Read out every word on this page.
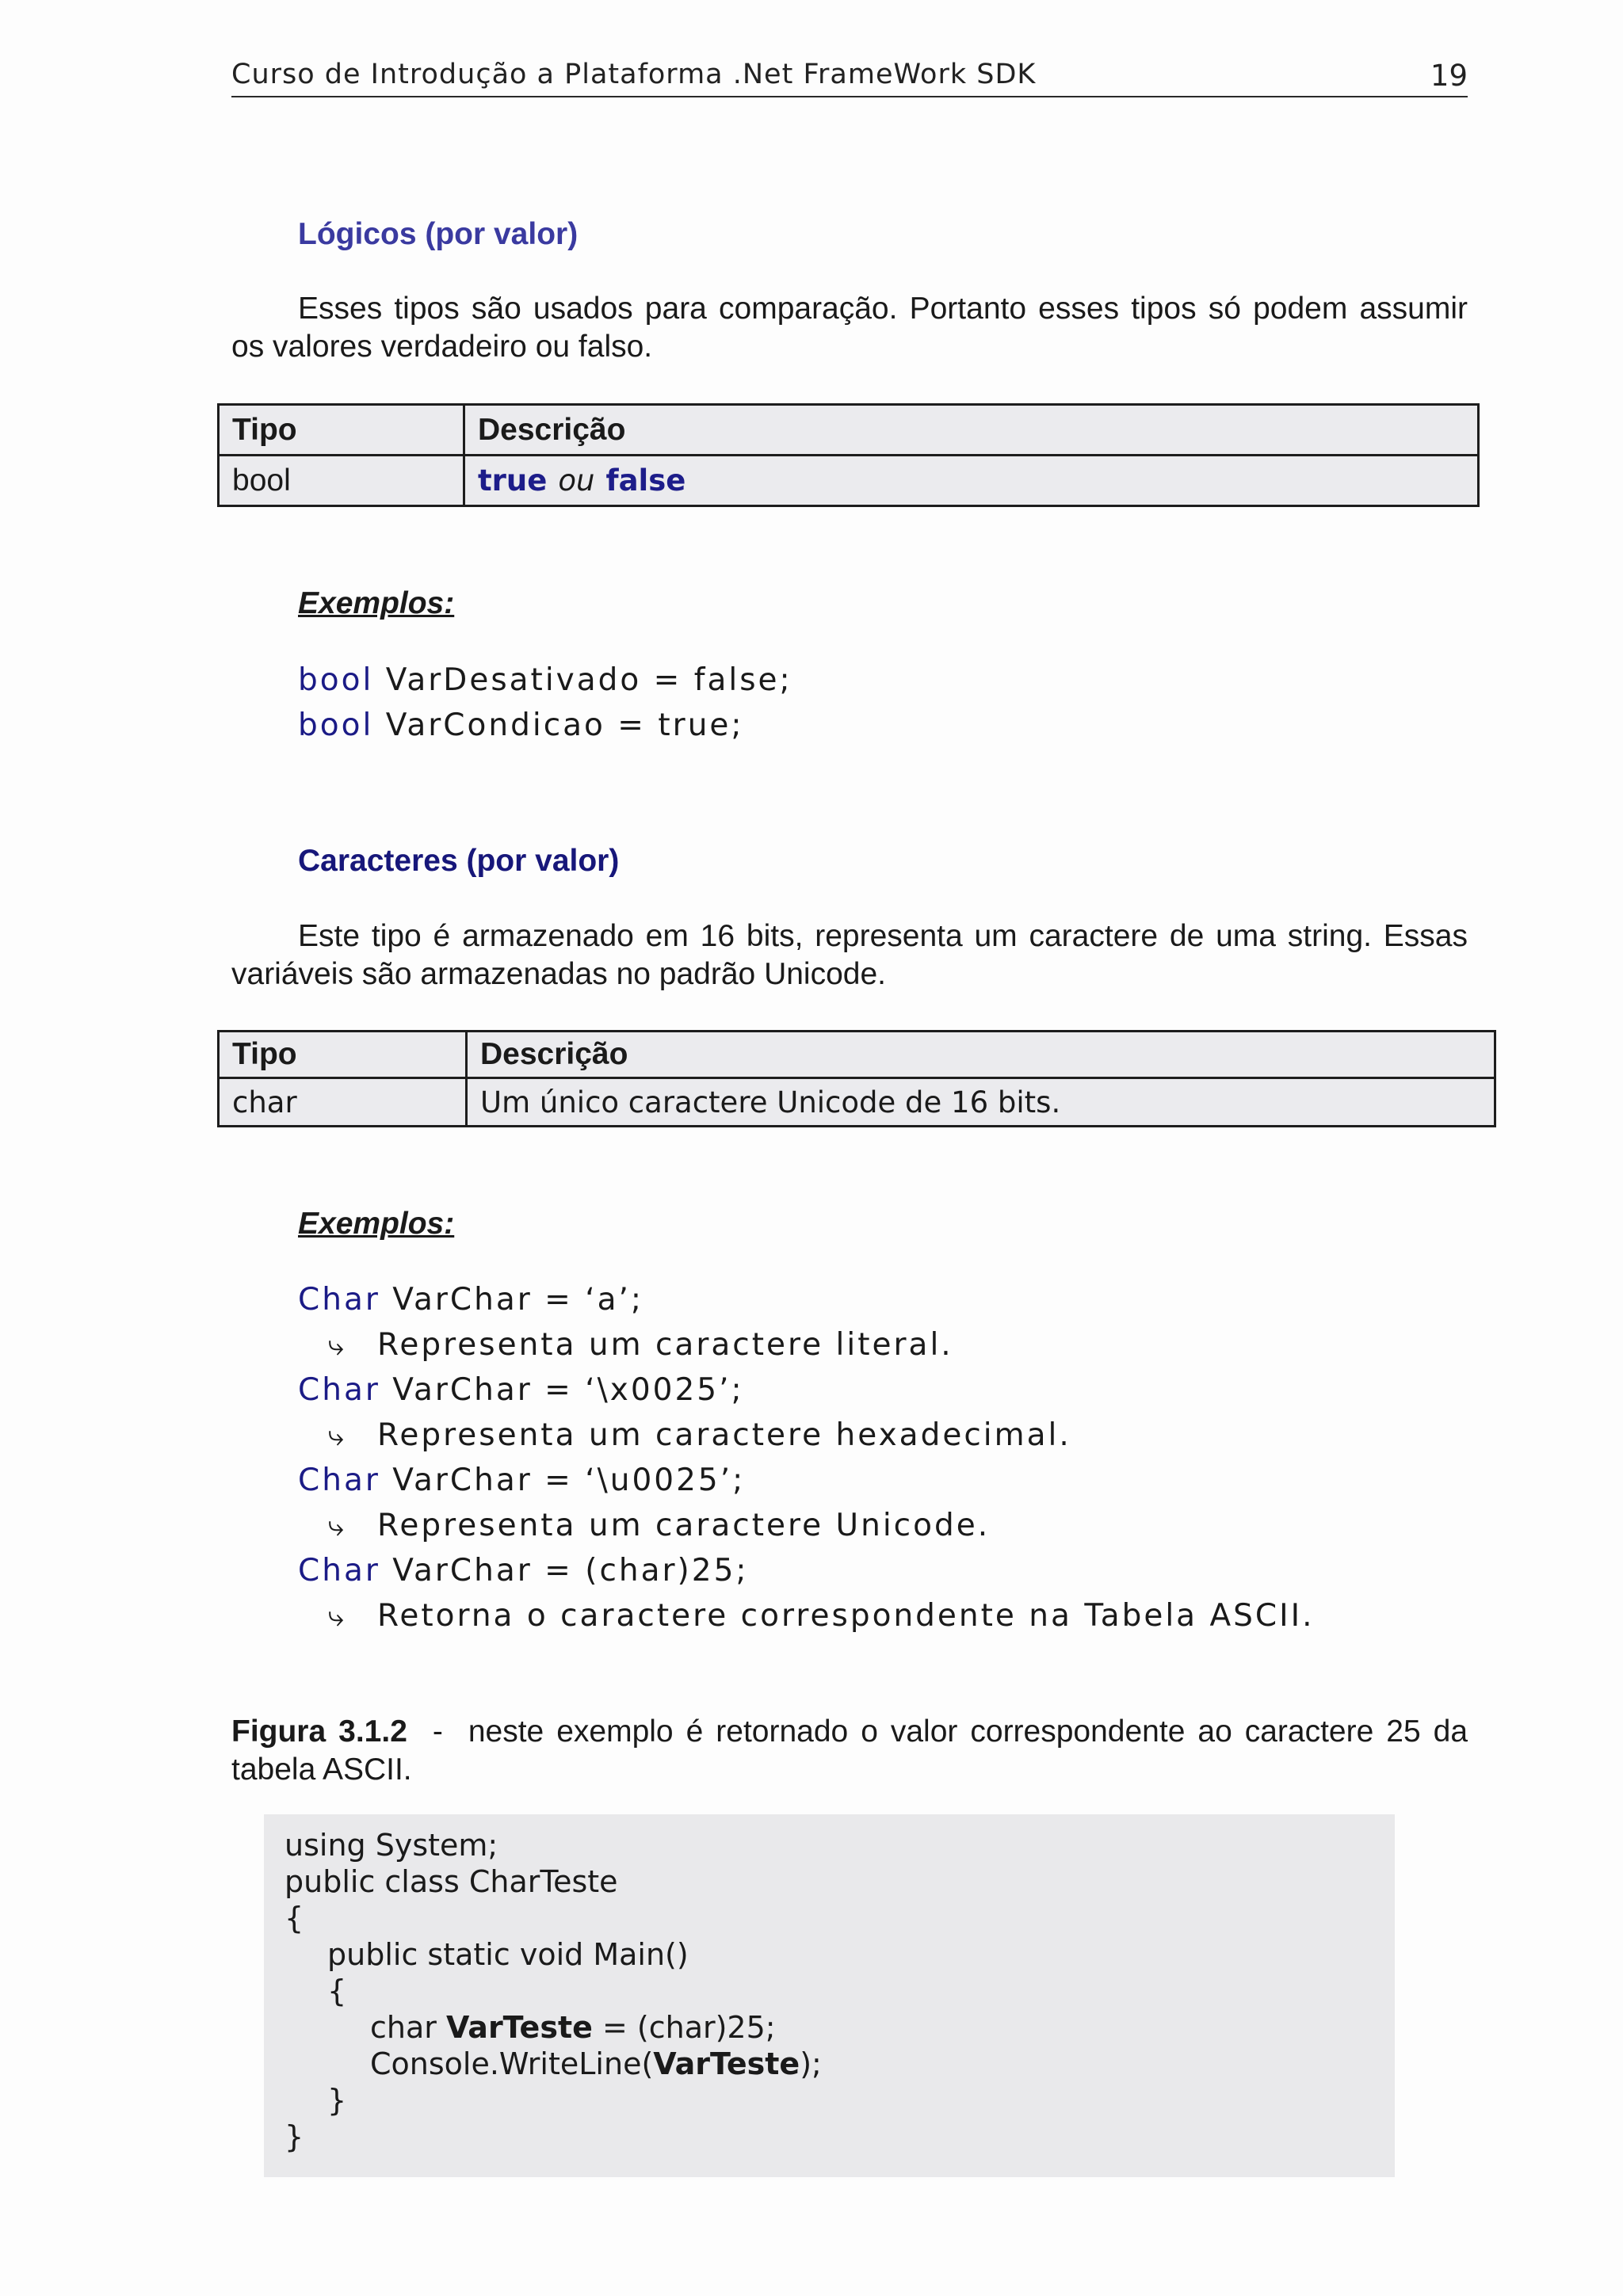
Curso de Introdução a Plataforma .Net FrameWork SDK	19
Lógicos (por valor)
Esses tipos são usados para comparação. Portanto esses tipos só podem assumir os valores verdadeiro ou falso.
Tipo	Descrição
bool	true ou false
Exemplos:
bool VarDesativado = false;
bool VarCondicao = true;
Caracteres (por valor)
Este tipo é armazenado em 16 bits, representa um caractere de uma string. Essas variáveis são armazenadas no padrão Unicode.
Tipo	Descrição
char	Um único caractere Unicode de 16 bits.
Exemplos:
Char VarChar = ‘a’;
⤷ Representa um caractere literal.
Char VarChar = ‘\x0025’;
⤷ Representa um caractere hexadecimal.
Char VarChar = ‘\u0025’;
⤷ Representa um caractere Unicode.
Char VarChar = (char)25;
⤷ Retorna o caractere correspondente na Tabela ASCII.
Figura 3.1.2 - neste exemplo é retornado o valor correspondente ao caractere 25 da tabela ASCII.
using System;
public class CharTeste
{
public static void Main()
{
char VarTeste = (char)25;
Console.WriteLine(VarTeste);
}
}
